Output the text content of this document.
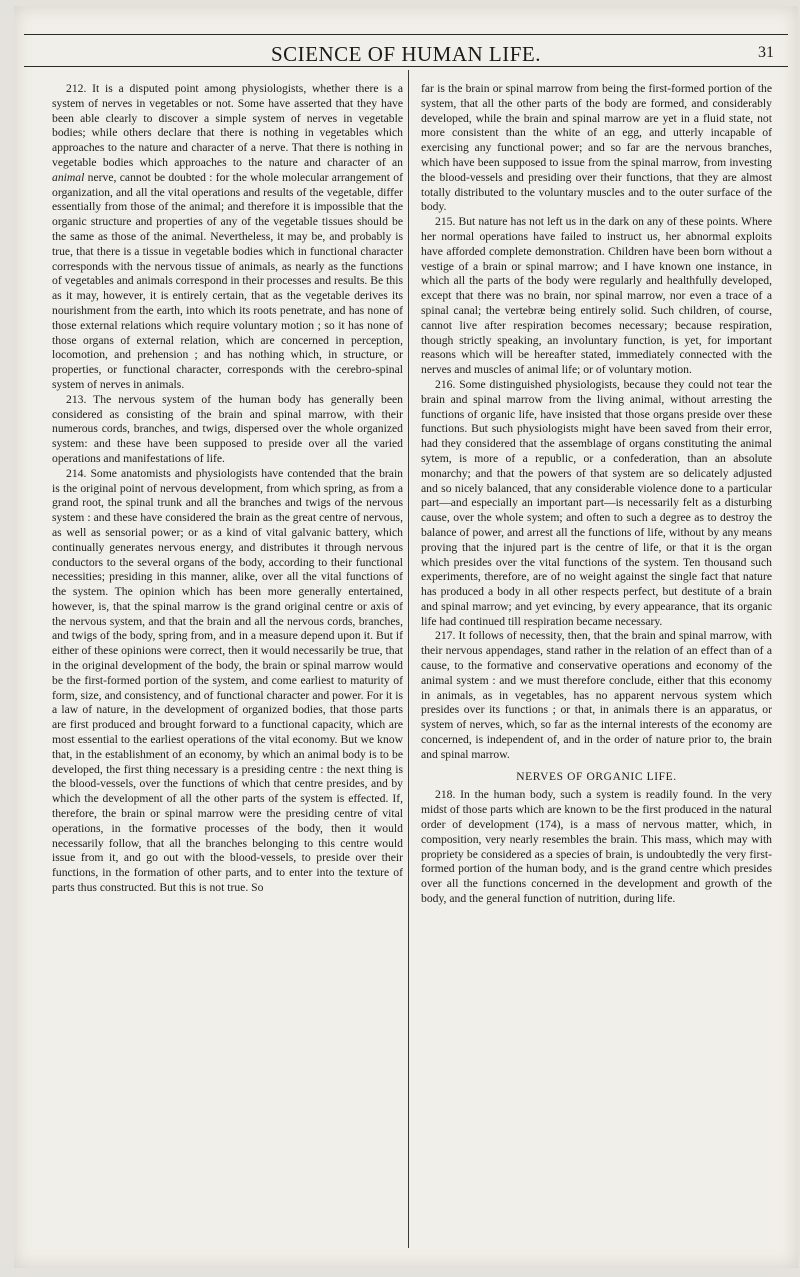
SCIENCE OF HUMAN LIFE.	31

212. It is a disputed point among physiologists, whether there is a system of nerves in vegetables or not. Some have asserted that they have been able clearly to discover a simple system of nerves in vegetable bodies; while others declare that there is nothing in vegetables which approaches to the nature and character of a nerve. That there is nothing in vegetable bodies which approaches to the nature and character of an animal nerve, cannot be doubted : for the whole molecular arrangement of organization, and all the vital operations and results of the vegetable, differ essentially from those of the animal; and therefore it is impossible that the organic structure and properties of any of the vegetable tissues should be the same as those of the animal. Nevertheless, it may be, and probably is true, that there is a tissue in vegetable bodies which in functional character corresponds with the nervous tissue of animals, as nearly as the functions of vegetables and animals correspond in their processes and results. Be this as it may, however, it is entirely certain, that as the vegetable derives its nourishment from the earth, into which its roots penetrate, and has none of those external relations which require voluntary motion ; so it has none of those organs of external relation, which are concerned in perception, locomotion, and prehension ; and has nothing which, in structure, or properties, or functional character, corresponds with the cerebro-spinal system of nerves in animals.

213. The nervous system of the human body has generally been considered as consisting of the brain and spinal marrow, with their numerous cords, branches, and twigs, dispersed over the whole organized system: and these have been supposed to preside over all the varied operations and manifestations of life.

214. Some anatomists and physiologists have contended that the brain is the original point of nervous development, from which spring, as from a grand root, the spinal trunk and all the branches and twigs of the nervous system : and these have considered the brain as the great centre of nervous, as well as sensorial power; or as a kind of vital galvanic battery, which continually generates nervous energy, and distributes it through nervous conductors to the several organs of the body, according to their functional necessities; presiding in this manner, alike, over all the vital functions of the system. The opinion which has been more generally entertained, however, is, that the spinal marrow is the grand original centre or axis of the nervous system, and that the brain and all the nervous cords, branches, and twigs of the body, spring from, and in a measure depend upon it. But if either of these opinions were correct, then it would necessarily be true, that in the original development of the body, the brain or spinal marrow would be the first-formed portion of the system, and come earliest to maturity of form, size, and consistency, and of functional character and power. For it is a law of nature, in the development of organized bodies, that those parts are first produced and brought forward to a functional capacity, which are most essential to the earliest operations of the vital economy. But we know that, in the establishment of an economy, by which an animal body is to be developed, the first thing necessary is a presiding centre : the next thing is the blood-vessels, over the functions of which that centre presides, and by which the development of all the other parts of the system is effected. If, therefore, the brain or spinal marrow were the presiding centre of vital operations, in the formative processes of the body, then it would necessarily follow, that all the branches belonging to this centre would issue from it, and go out with the blood-vessels, to preside over their functions, in the formation of other parts, and to enter into the texture of parts thus constructed. But this is not true. So

far is the brain or spinal marrow from being the first-formed portion of the system, that all the other parts of the body are formed, and considerably developed, while the brain and spinal marrow are yet in a fluid state, not more consistent than the white of an egg, and utterly incapable of exercising any functional power; and so far are the nervous branches, which have been supposed to issue from the spinal marrow, from investing the blood-vessels and presiding over their functions, that they are almost totally distributed to the voluntary muscles and to the outer surface of the body.

215. But nature has not left us in the dark on any of these points. Where her normal operations have failed to instruct us, her abnormal exploits have afforded complete demonstration. Children have been born without a vestige of a brain or spinal marrow; and I have known one instance, in which all the parts of the body were regularly and healthfully developed, except that there was no brain, nor spinal marrow, nor even a trace of a spinal canal; the vertebræ being entirely solid. Such children, of course, cannot live after respiration becomes necessary; because respiration, though strictly speaking, an involuntary function, is yet, for important reasons which will be hereafter stated, immediately connected with the nerves and muscles of animal life; or of voluntary motion.

216. Some distinguished physiologists, because they could not tear the brain and spinal marrow from the living animal, without arresting the functions of organic life, have insisted that those organs preside over these functions. But such physiologists might have been saved from their error, had they considered that the assemblage of organs constituting the animal sytem, is more of a republic, or a confederation, than an absolute monarchy; and that the powers of that system are so delicately adjusted and so nicely balanced, that any considerable violence done to a particular part—and especially an important part—is necessarily felt as a disturbing cause, over the whole system; and often to such a degree as to destroy the balance of power, and arrest all the functions of life, without by any means proving that the injured part is the centre of life, or that it is the organ which presides over the vital functions of the system. Ten thousand such experiments, therefore, are of no weight against the single fact that nature has produced a body in all other respects perfect, but destitute of a brain and spinal marrow; and yet evincing, by every appearance, that its organic life had continued till respiration became necessary.

217. It follows of necessity, then, that the brain and spinal marrow, with their nervous appendages, stand rather in the relation of an effect than of a cause, to the formative and conservative operations and economy of the animal system : and we must therefore conclude, either that this economy in animals, as in vegetables, has no apparent nervous system which presides over its functions ; or that, in animals there is an apparatus, or system of nerves, which, so far as the internal interests of the economy are concerned, is independent of, and in the order of nature prior to, the brain and spinal marrow.

NERVES OF ORGANIC LIFE.

218. In the human body, such a system is readily found. In the very midst of those parts which are known to be the first produced in the natural order of development (174), is a mass of nervous matter, which, in composition, very nearly resembles the brain. This mass, which may with propriety be considered as a species of brain, is undoubtedly the very first-formed portion of the human body, and is the grand centre which presides over all the functions concerned in the development and growth of the body, and the general function of nutrition, during life.
